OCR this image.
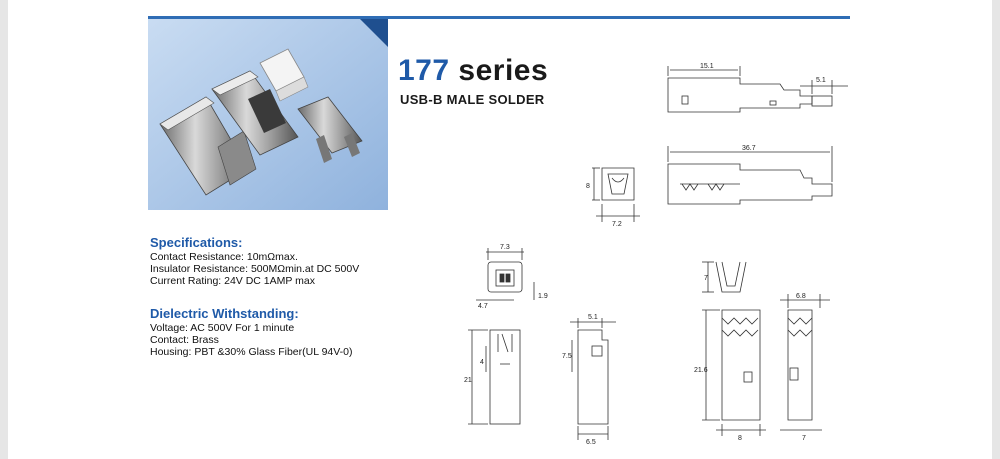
177 series
USB-B MALE SOLDER
Specifications:
Contact Resistance: 10mΩmax.
Insulator Resistance: 500MΩmin.at DC 500V
Current Rating: 24V DC 1AMP max
Dielectric Withstanding:
Voltage: AC 500V For 1 minute
Contact: Brass
Housing: PBT &30% Glass Fiber(UL 94V-0)
15.1
5.1
36.7
8
7.2
7.3
4.7
1.9
21
4
5.1
7.5
6.5
7
21.6
8
6.8
7
